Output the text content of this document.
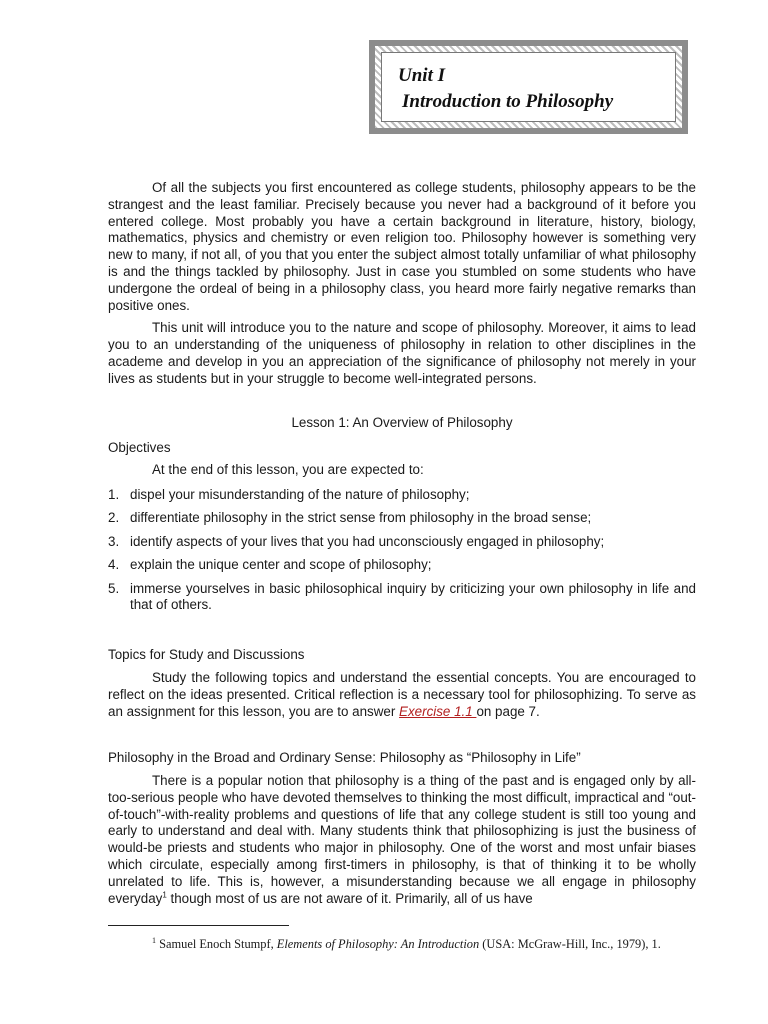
Unit I
Introduction to Philosophy

Of all the subjects you first encountered as college students, philosophy appears to be the strangest and the least familiar. Precisely because you never had a background of it before you entered college. Most probably you have a certain background in literature, history, biology, mathematics, physics and chemistry or even religion too. Philosophy however is something very new to many, if not all, of you that you enter the subject almost totally unfamiliar of what philosophy is and the things tackled by philosophy. Just in case you stumbled on some students who have undergone the ordeal of being in a philosophy class, you heard more fairly negative remarks than positive ones.

This unit will introduce you to the nature and scope of philosophy. Moreover, it aims to lead you to an understanding of the uniqueness of philosophy in relation to other disciplines in the academe and develop in you an appreciation of the significance of philosophy not merely in your lives as students but in your struggle to become well-integrated persons.

Lesson 1: An Overview of Philosophy
Objectives

At the end of this lesson, you are expected to:

1. dispel your misunderstanding of the nature of philosophy;
2. differentiate philosophy in the strict sense from philosophy in the broad sense;
3. identify aspects of your lives that you had unconsciously engaged in philosophy;
4. explain the unique center and scope of philosophy;
5. immerse yourselves in basic philosophical inquiry by criticizing your own philosophy in life and that of others.
Topics for Study and Discussions

Study the following topics and understand the essential concepts. You are encouraged to reflect on the ideas presented. Critical reflection is a necessary tool for philosophizing. To serve as an assignment for this lesson, you are to answer Exercise 1.1 on page 7.

Philosophy in the Broad and Ordinary Sense: Philosophy as “Philosophy in Life”

There is a popular notion that philosophy is a thing of the past and is engaged only by all-too-serious people who have devoted themselves to thinking the most difficult, impractical and “out-of-touch”-with-reality problems and questions of life that any college student is still too young and early to understand and deal with. Many students think that philosophizing is just the business of would-be priests and students who major in philosophy. One of the worst and most unfair biases which circulate, especially among first-timers in philosophy, is that of thinking it to be wholly unrelated to life. This is, however, a misunderstanding because we all engage in philosophy everyday$^1$ though most of us are not aware of it. Primarily, all of us have

$^1$ Samuel Enoch Stumpf, Elements of Philosophy: An Introduction (USA: McGraw-Hill, Inc., 1979), 1.
